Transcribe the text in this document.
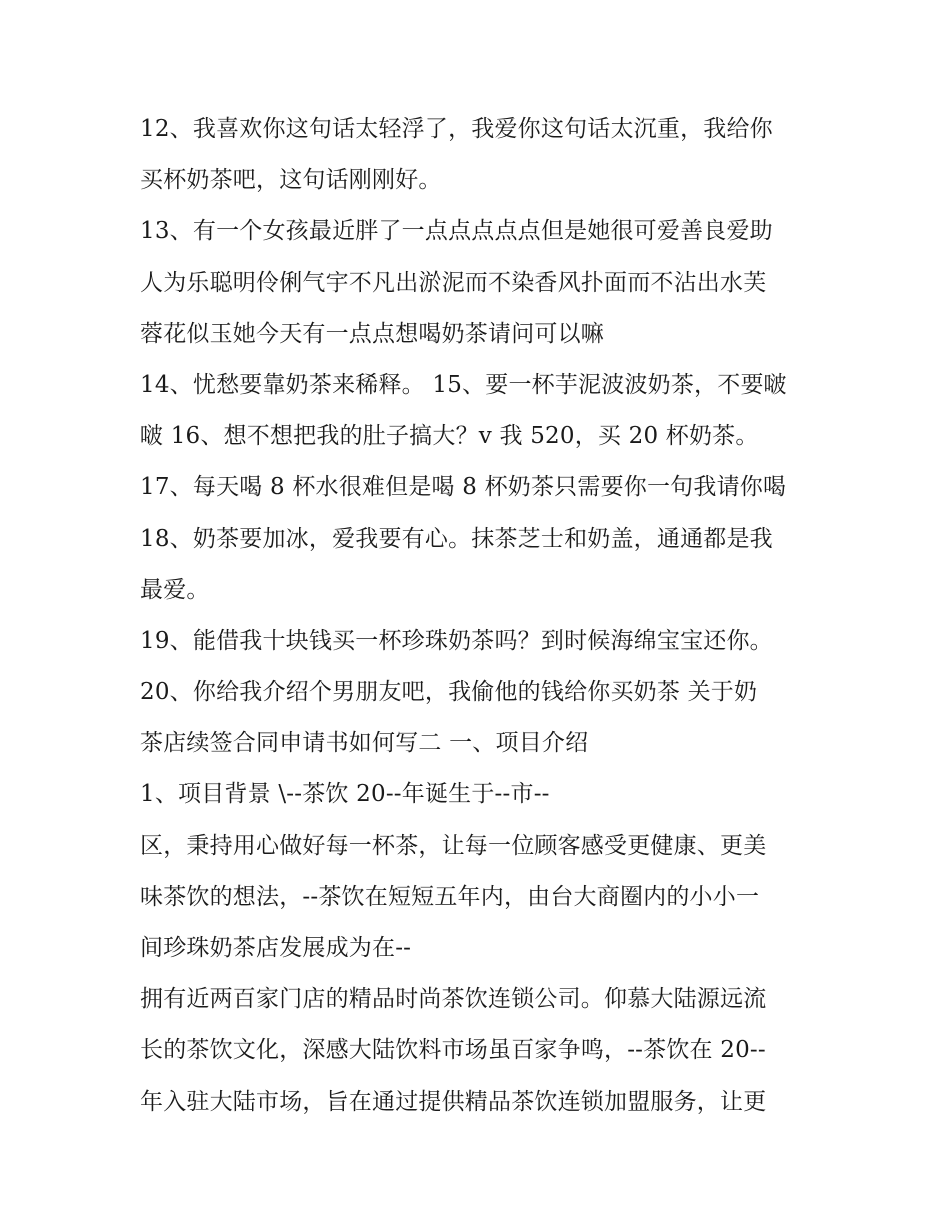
12、我喜欢你这句话太轻浮了，我爱你这句话太沉重，我给你
买杯奶茶吧，这句话刚刚好。
13、有一个女孩最近胖了一点点点点点但是她很可爱善良爱助
人为乐聪明伶俐气宇不凡出淤泥而不染香风扑面而不沾出水芙
蓉花似玉她今天有一点点想喝奶茶请问可以嘛
14、忧愁要靠奶茶来稀释。 15、要一杯芋泥波波奶茶，不要啵
啵 16、想不想把我的肚子搞大？v 我 520，买 20 杯奶茶。
17、每天喝 8 杯水很难但是喝 8 杯奶茶只需要你一句我请你喝
18、奶茶要加冰，爱我要有心。抹茶芝士和奶盖，通通都是我
最爱。
19、能借我十块钱买一杯珍珠奶茶吗？到时候海绵宝宝还你。
20、你给我介绍个男朋友吧，我偷他的钱给你买奶茶 关于奶
茶店续签合同申请书如何写二 一、项目介绍
1、项目背景 \--茶饮 20--年诞生于--市--
区，秉持用心做好每一杯茶，让每一位顾客感受更健康、更美
味茶饮的想法，--茶饮在短短五年内，由台大商圈内的小小一
间珍珠奶茶店发展成为在--
拥有近两百家门店的精品时尚茶饮连锁公司。仰慕大陆源远流
长的茶饮文化，深感大陆饮料市场虽百家争鸣，--茶饮在 20--
年入驻大陆市场，旨在通过提供精品茶饮连锁加盟服务，让更
